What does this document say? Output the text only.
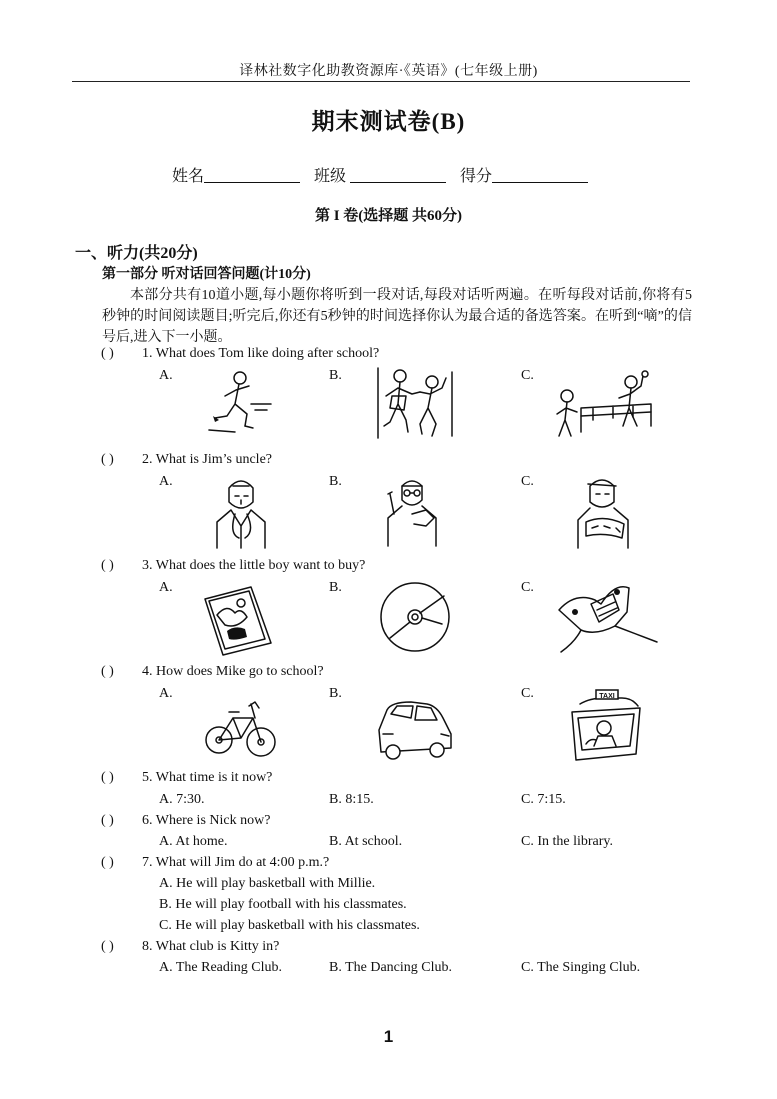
译林社数字化助教资源库·《英语》(七年级上册)
期末测试卷(B)
姓名	班级	得分
第 I 卷(选择题 共60分)
一、听力(共20分)
第一部分 听对话回答问题(计10分)
本部分共有10道小题,每小题你将听到一段对话,每段对话听两遍。在听每段对话前,你将有5秒钟的时间阅读题目;听完后,你还有5秒钟的时间选择你认为最合适的备选答案。在听到“嘀”的信号后,进入下一小题。
( ) 1. What does Tom like doing after school?
A.	B.	C.
( ) 2. What is Jim’s uncle?
A.	B.	C.
( ) 3. What does the little boy want to buy?
A.	B.	C.
( ) 4. How does Mike go to school?
A.	B.	C.	TAXI
( ) 5. What time is it now?
A. 7:30.	B. 8:15.	C. 7:15.
( ) 6. Where is Nick now?
A. At home.	B. At school.	C. In the library.
( ) 7. What will Jim do at 4:00 p.m.?
A. He will play basketball with Millie.
B. He will play football with his classmates.
C. He will play basketball with his classmates.
( ) 8. What club is Kitty in?
A. The Reading Club.	B. The Dancing Club.	C. The Singing Club.
1
